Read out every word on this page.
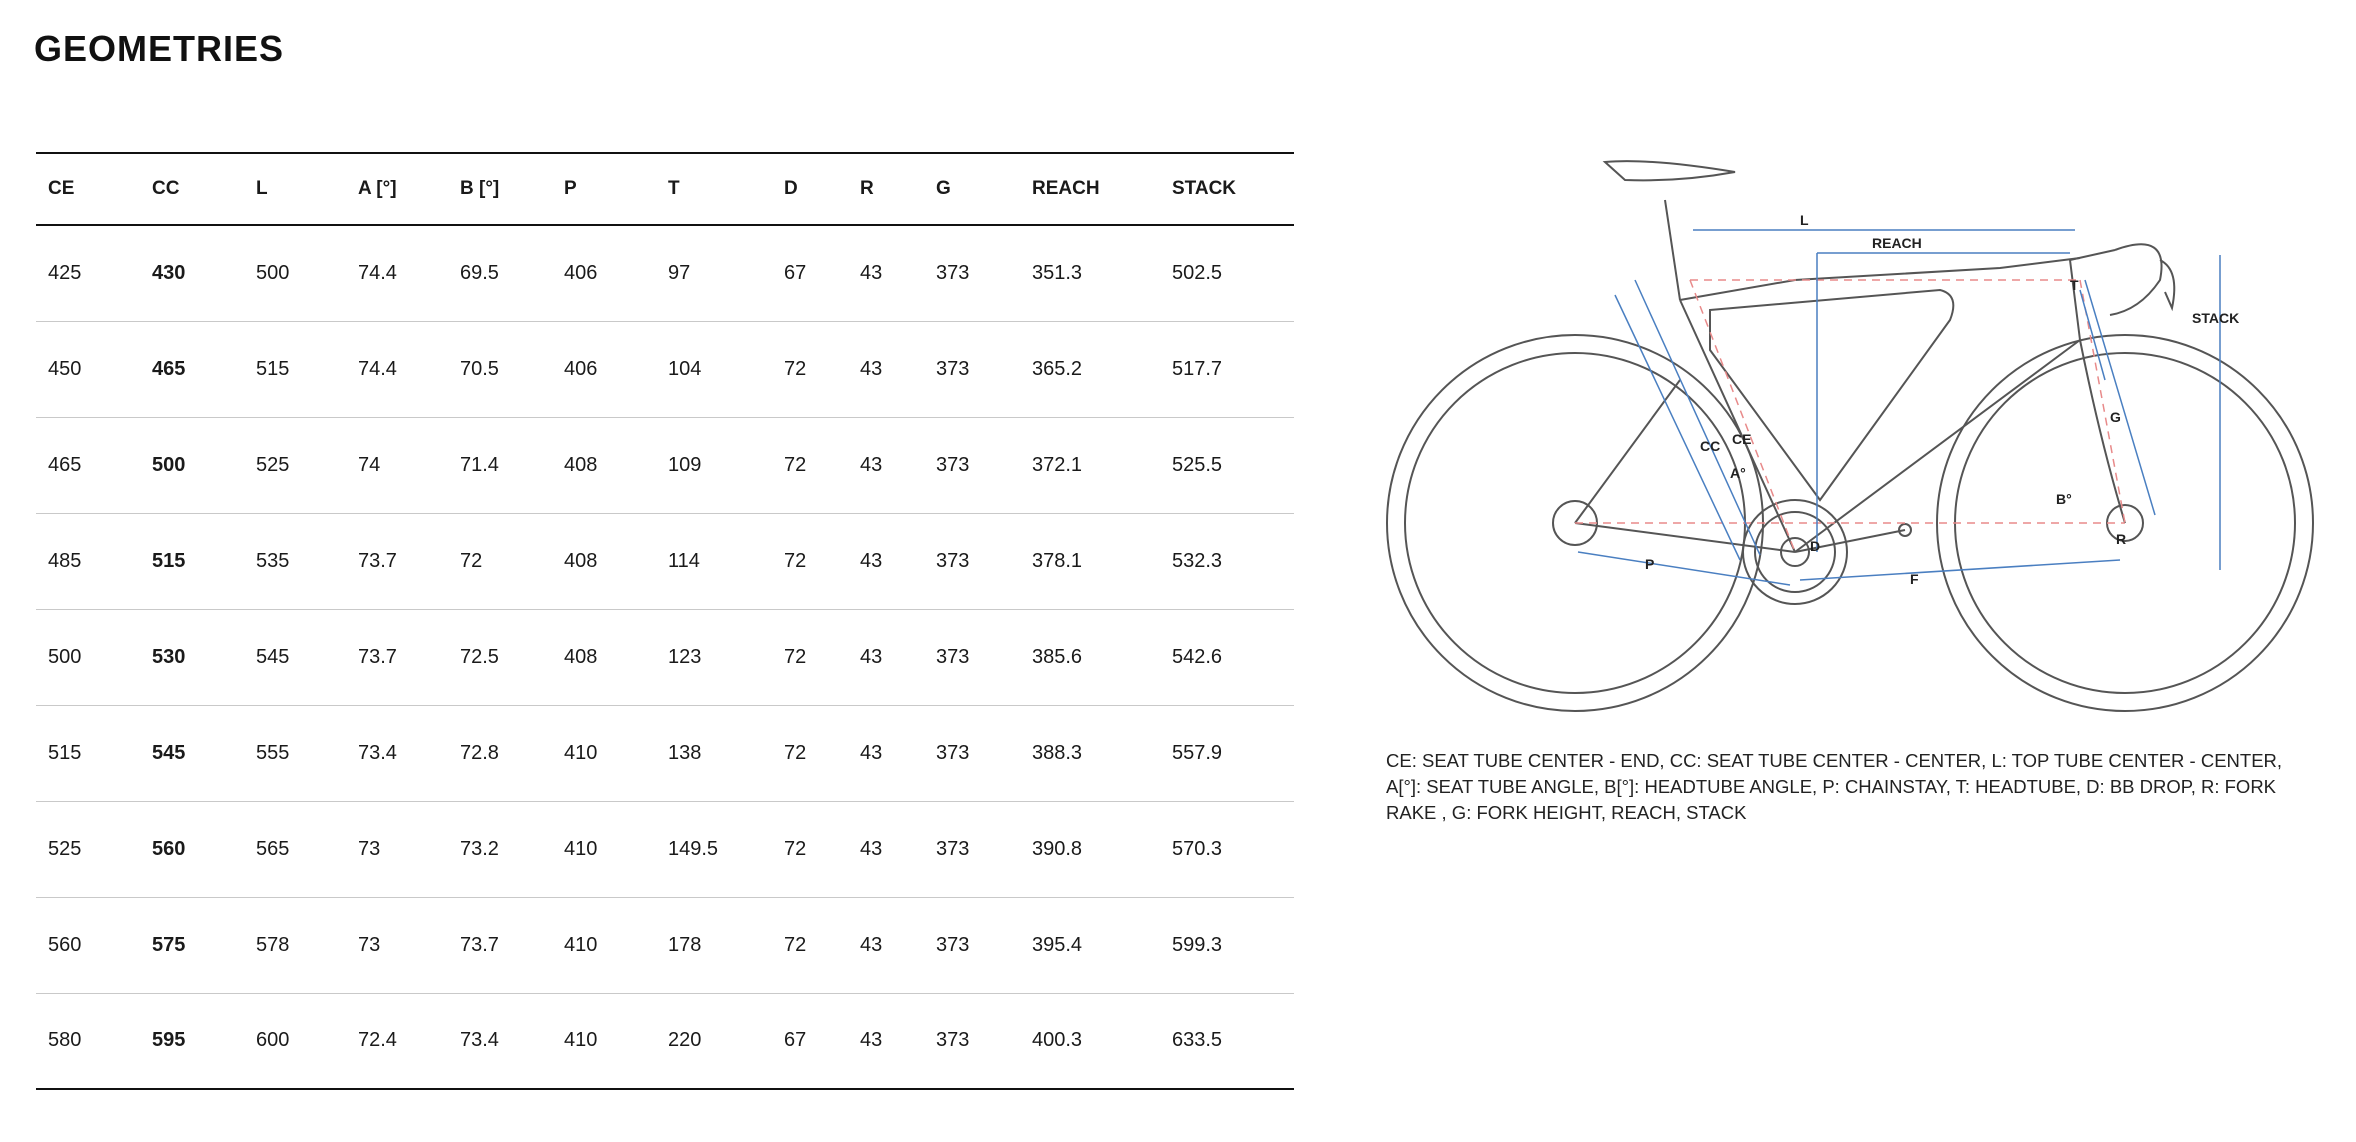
GEOMETRIES
CE	CC	L	A [°]	B [°]	P	T	D	R	G	REACH	STACK
425	430	500	74.4	69.5	406	97	67	43	373	351.3	502.5
450	465	515	74.4	70.5	406	104	72	43	373	365.2	517.7
465	500	525	74	71.4	408	109	72	43	373	372.1	525.5
485	515	535	73.7	72	408	114	72	43	373	378.1	532.3
500	530	545	73.7	72.5	408	123	72	43	373	385.6	542.6
515	545	555	73.4	72.8	410	138	72	43	373	388.3	557.9
525	560	565	73	73.2	410	149.5	72	43	373	390.8	570.3
560	575	578	73	73.7	410	178	72	43	373	395.4	599.3
580	595	600	72.4	73.4	410	220	67	43	373	400.3	633.5
L
REACH
STACK
T
G
CC CE
A°
B°
D	R
P
F

CE: SEAT TUBE CENTER - END, CC: SEAT TUBE CENTER - CENTER, L: TOP TUBE CENTER - CENTER, A[°]: SEAT TUBE ANGLE, B[°]: HEADTUBE ANGLE, P: CHAINSTAY, T: HEADTUBE, D: BB DROP, R: FORK RAKE , G: FORK HEIGHT, REACH, STACK
